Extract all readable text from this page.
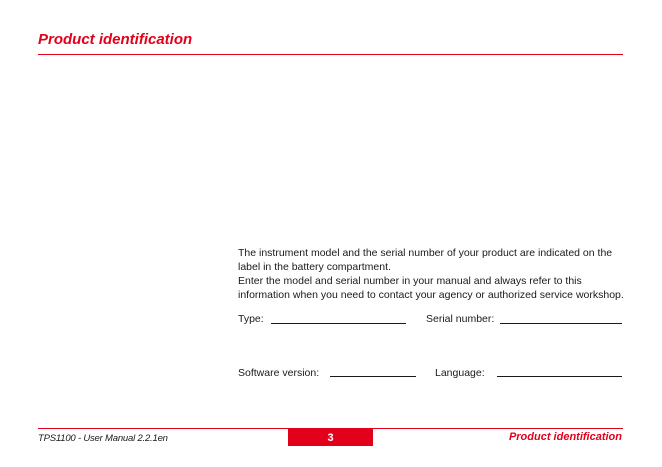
Product identification

The instrument model and the serial number of your product are indicated on the label in the battery compartment.

Enter the model and serial number in your manual and always refer to this information when you need to contact your agency or authorized service workshop.

Type:	Serial number:
Software version:	Language:
TPS1100 - User Manual 2.2.1en	3	Product identification
